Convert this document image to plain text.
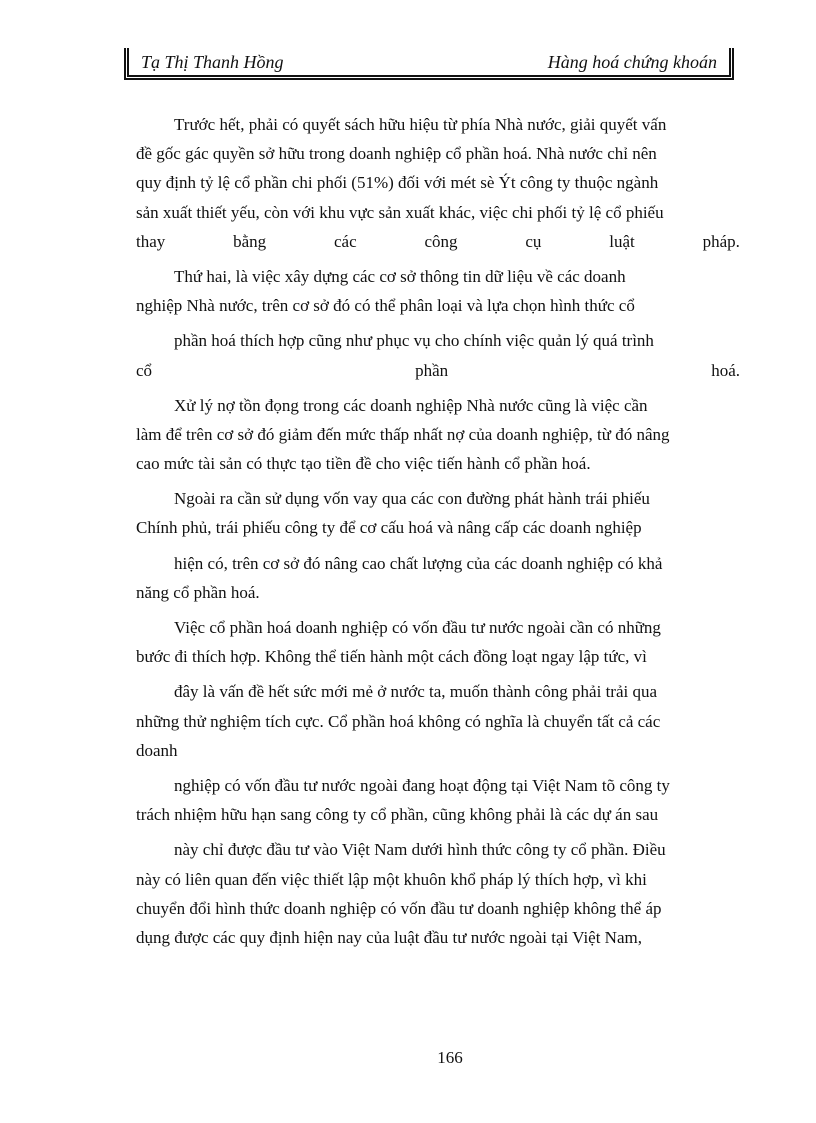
Tạ Thị Thanh Hồng	Hàng hoá chứng khoán
Trước hết, phải có quyết sách hữu hiệu từ phía Nhà nước, giải quyết vấn
đề gốc gác quyền sở hữu trong doanh nghiệp cổ phần hoá. Nhà nước chỉ nên
quy định tỷ lệ cổ phần chi phối (51%) đối với mét sè Ýt công ty thuộc ngành
sản xuất thiết yếu, còn với khu vực sản xuất khác, việc chi phối tỷ lệ cổ phiếu
thay	bằng	các	công	cụ	luật	pháp.
Thứ hai, là việc xây dựng các cơ sở thông tin dữ liệu về các doanh
nghiệp Nhà nước, trên cơ sở đó có thể phân loại và lựa chọn hình thức cổ
phần hoá thích hợp cũng như phục vụ cho chính việc quản lý quá trình
cổ	phần	hoá.
Xử lý nợ tồn đọng trong các doanh nghiệp Nhà nước cũng là việc cần
làm để trên cơ sở đó giảm đến mức thấp nhất nợ của doanh nghiệp, từ đó nâng
cao mức tài sản có thực tạo tiền đề cho việc tiến hành cổ phần hoá.
Ngoài ra cần sử dụng vốn vay qua các con đường phát hành trái phiếu
Chính phủ, trái phiếu công ty để cơ cấu hoá và nâng cấp các doanh nghiệp
hiện có, trên cơ sở đó nâng cao chất lượng của các doanh nghiệp có khả
năng cổ phần hoá.
Việc cổ phần hoá doanh nghiệp có vốn đầu tư nước ngoài cần có những
bước đi thích hợp. Không thể tiến hành một cách đồng loạt ngay lập tức, vì
đây là vấn đề hết sức mới mẻ ở nước ta, muốn thành công phải trải qua
những thử nghiệm tích cực. Cổ phần hoá không có nghĩa là chuyển tất cả các
doanh
nghiệp có vốn đầu tư nước ngoài đang hoạt động tại Việt Nam tõ công ty
trách nhiệm hữu hạn sang công ty cổ phần, cũng không phải là các dự án sau
này chỉ được đầu tư vào Việt Nam dưới hình thức công ty cổ phần. Điều
này có liên quan đến việc thiết lập một khuôn khổ pháp lý thích hợp, vì khi
chuyển đổi hình thức doanh nghiệp có vốn đầu tư doanh nghiệp không thể áp
dụng được các quy định hiện nay của luật đầu tư nước ngoài tại Việt Nam,
166
